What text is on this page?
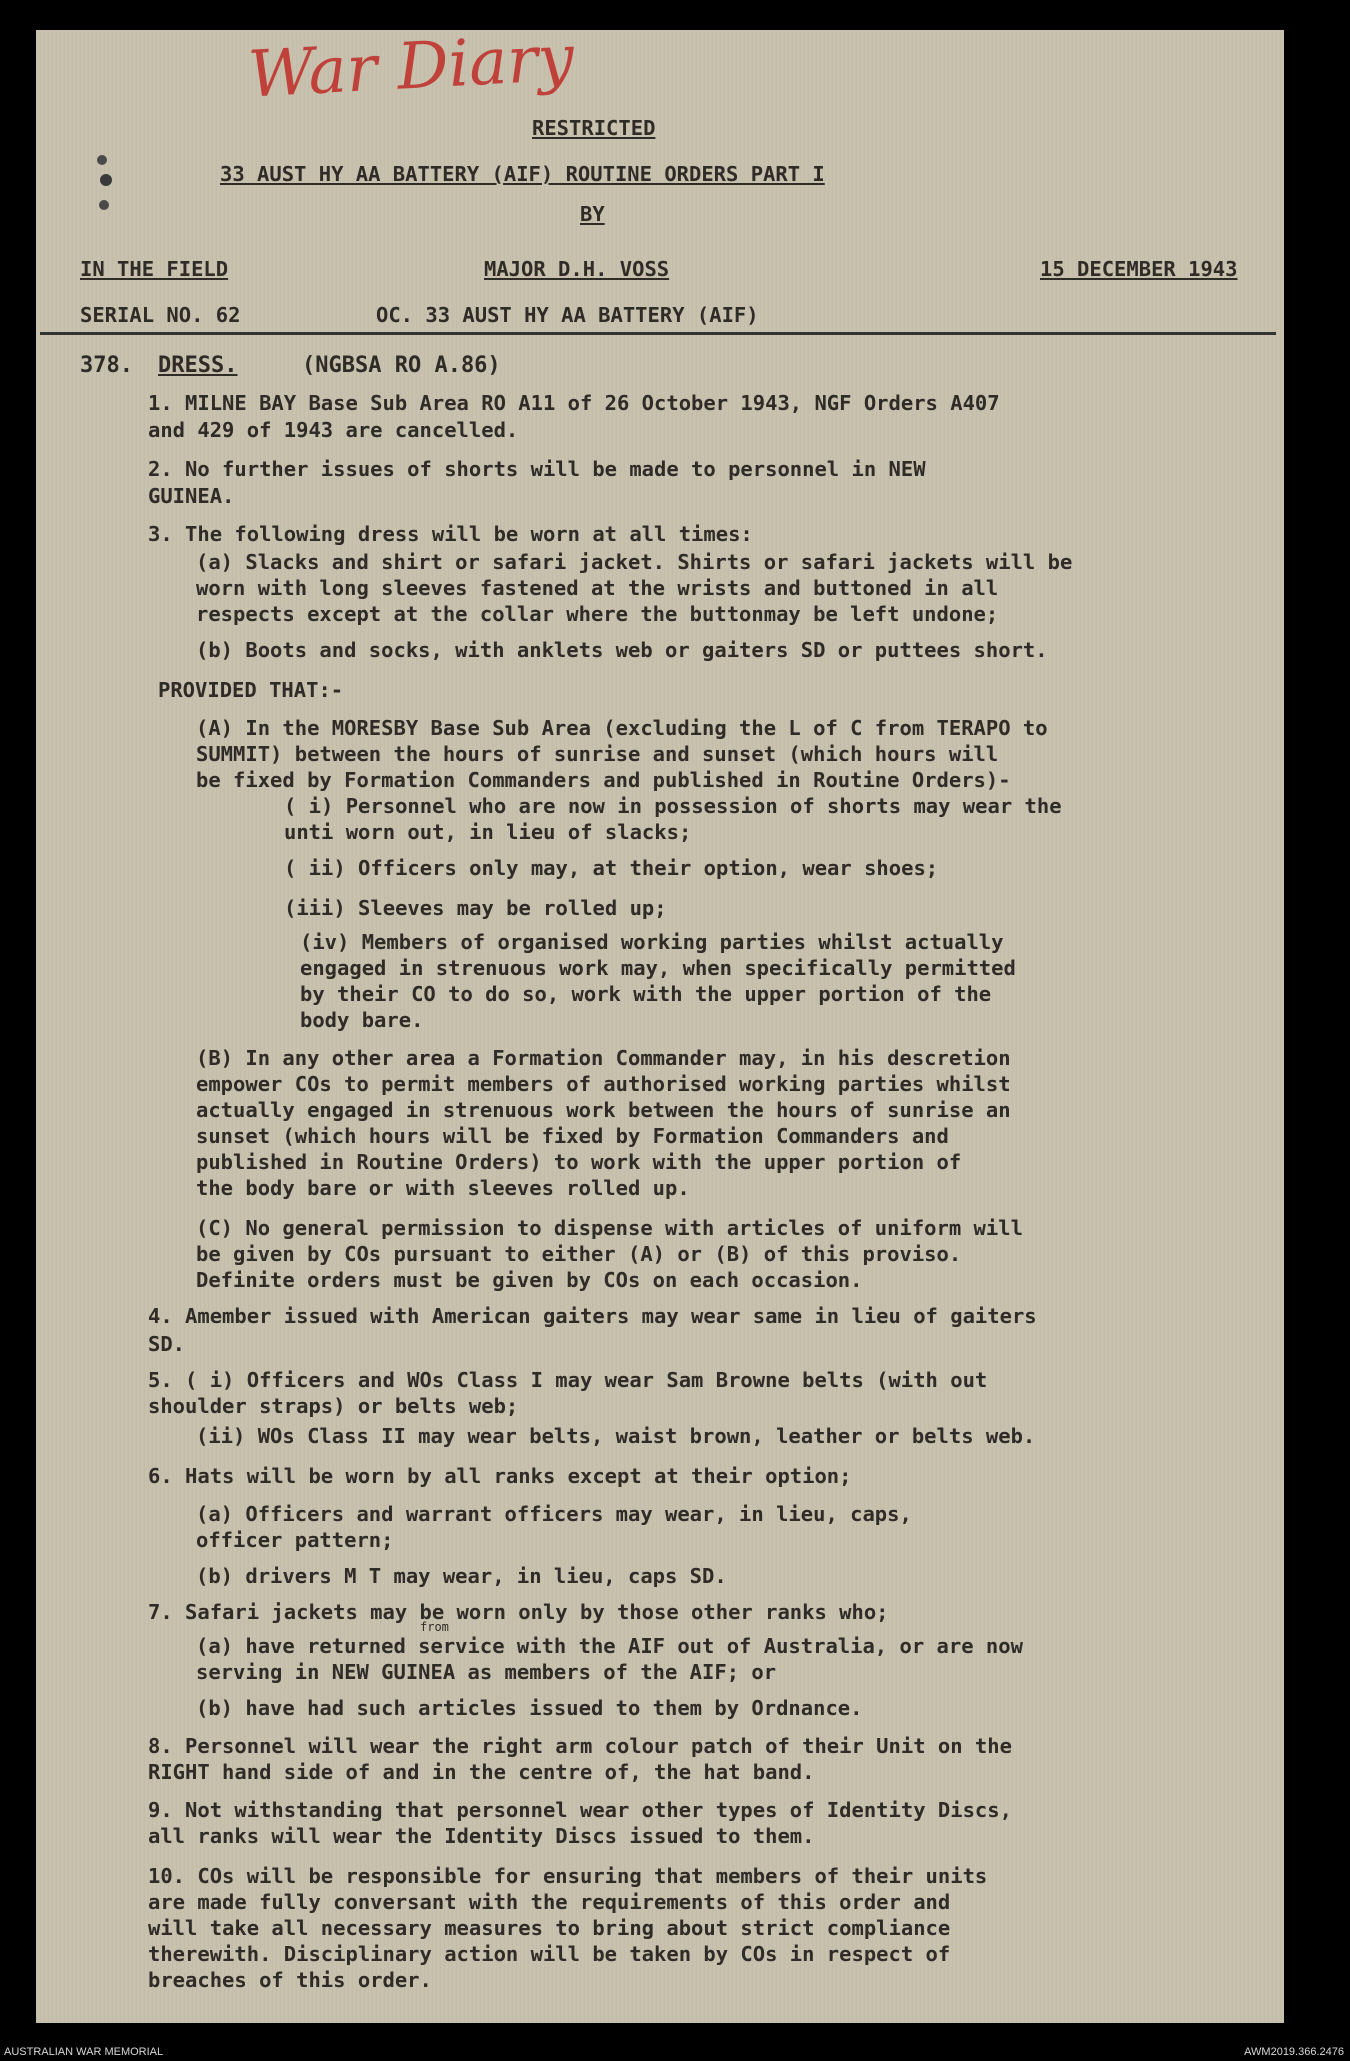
War Diary
RESTRICTED
33 AUST HY AA BATTERY (AIF) ROUTINE ORDERS PART I
BY
IN THE FIELD	MAJOR D.H. VOSS	15 DECEMBER 1943
SERIAL NO. 62	OC. 33 AUST HY AA BATTERY (AIF)
378. DRESS.	(NGBSA RO A.86)
1. MILNE BAY Base Sub Area RO A11 of 26 October 1943, NGF Orders A407
and 429 of 1943 are cancelled.
2. No further issues of shorts will be made to personnel in NEW
GUINEA.
3. The following dress will be worn at all times:
(a) Slacks and shirt or safari jacket. Shirts or safari jackets will be
worn with long sleeves fastened at the wrists and buttoned in all
respects except at the collar where the buttonmay be left undone;
(b) Boots and socks, with anklets web or gaiters SD or puttees short.
PROVIDED THAT:-
(A) In the MORESBY Base Sub Area (excluding the L of C from TERAPO to
SUMMIT) between the hours of sunrise and sunset (which hours will
be fixed by Formation Commanders and published in Routine Orders)-
( i) Personnel who are now in possession of shorts may wear the
unti worn out, in lieu of slacks;
( ii) Officers only may, at their option, wear shoes;
(iii) Sleeves may be rolled up;
(iv) Members of organised working parties whilst actually
engaged in strenuous work may, when specifically permitted
by their CO to do so, work with the upper portion of the
body bare.
(B) In any other area a Formation Commander may, in his descretion
empower COs to permit members of authorised working parties whilst
actually engaged in strenuous work between the hours of sunrise an
sunset (which hours will be fixed by Formation Commanders and
published in Routine Orders) to work with the upper portion of
the body bare or with sleeves rolled up.
(C) No general permission to dispense with articles of uniform will
be given by COs pursuant to either (A) or (B) of this proviso.
Definite orders must be given by COs on each occasion.
4. Amember issued with American gaiters may wear same in lieu of gaiters
SD.
5. ( i) Officers and WOs Class I may wear Sam Browne belts (with out
shoulder straps) or belts web;
(ii) WOs Class II may wear belts, waist brown, leather or belts web.
6. Hats will be worn by all ranks except at their option;
(a) Officers and warrant officers may wear, in lieu, caps,
officer pattern;
(b) drivers M T may wear, in lieu, caps SD.
7. Safari jackets may be worn only by those other ranks who;
from
(a) have returned service with the AIF out of Australia, or are now
serving in NEW GUINEA as members of the AIF; or
(b) have had such articles issued to them by Ordnance.
8. Personnel will wear the right arm colour patch of their Unit on the
RIGHT hand side of and in the centre of, the hat band.
9. Not withstanding that personnel wear other types of Identity Discs,
all ranks will wear the Identity Discs issued to them.
10. COs will be responsible for ensuring that members of their units
are made fully conversant with the requirements of this order and
will take all necessary measures to bring about strict compliance
therewith. Disciplinary action will be taken by COs in respect of
breaches of this order.
AUSTRALIAN WAR MEMORIAL	AWM2019.366.2476
